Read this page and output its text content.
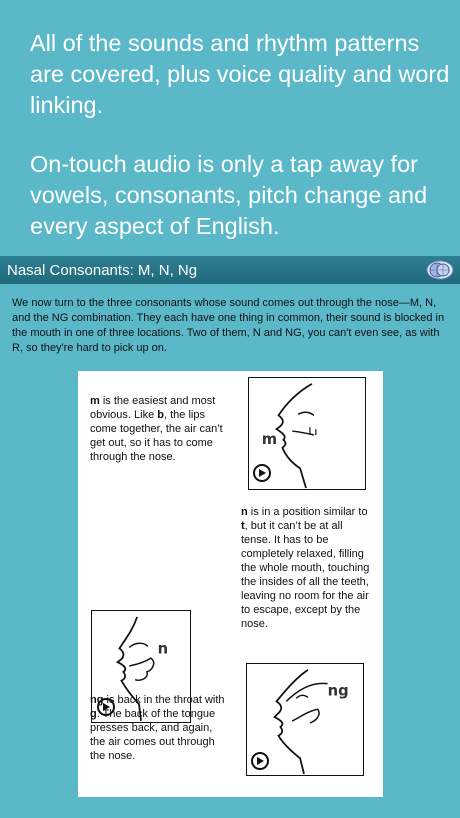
All of the sounds and rhythm patterns are covered, plus voice quality and word linking.

On-touch audio is only a tap away for vowels, consonants, pitch change and every aspect of English.

Nasal Consonants: M, N, Ng

We now turn to the three consonants whose sound comes out through the nose—M, N, and the NG combination. They each have one thing in common, their sound is blocked in the mouth in one of three locations. Two of them, N and NG, you can't even see, as with R, so they're hard to pick up on.

m is the easiest and most obvious. Like b, the lips come together, the air can’t get out, so it has to come through the nose.
m
n
n is in a position similar to t, but it can’t be at all tense. It has to be completely relaxed, filling the whole mouth, touching the insides of all the teeth, leaving no room for the air to escape, except by the nose.
ng is back in the throat with g. The back of the tongue presses back, and again, the air comes out through the nose.
ng
